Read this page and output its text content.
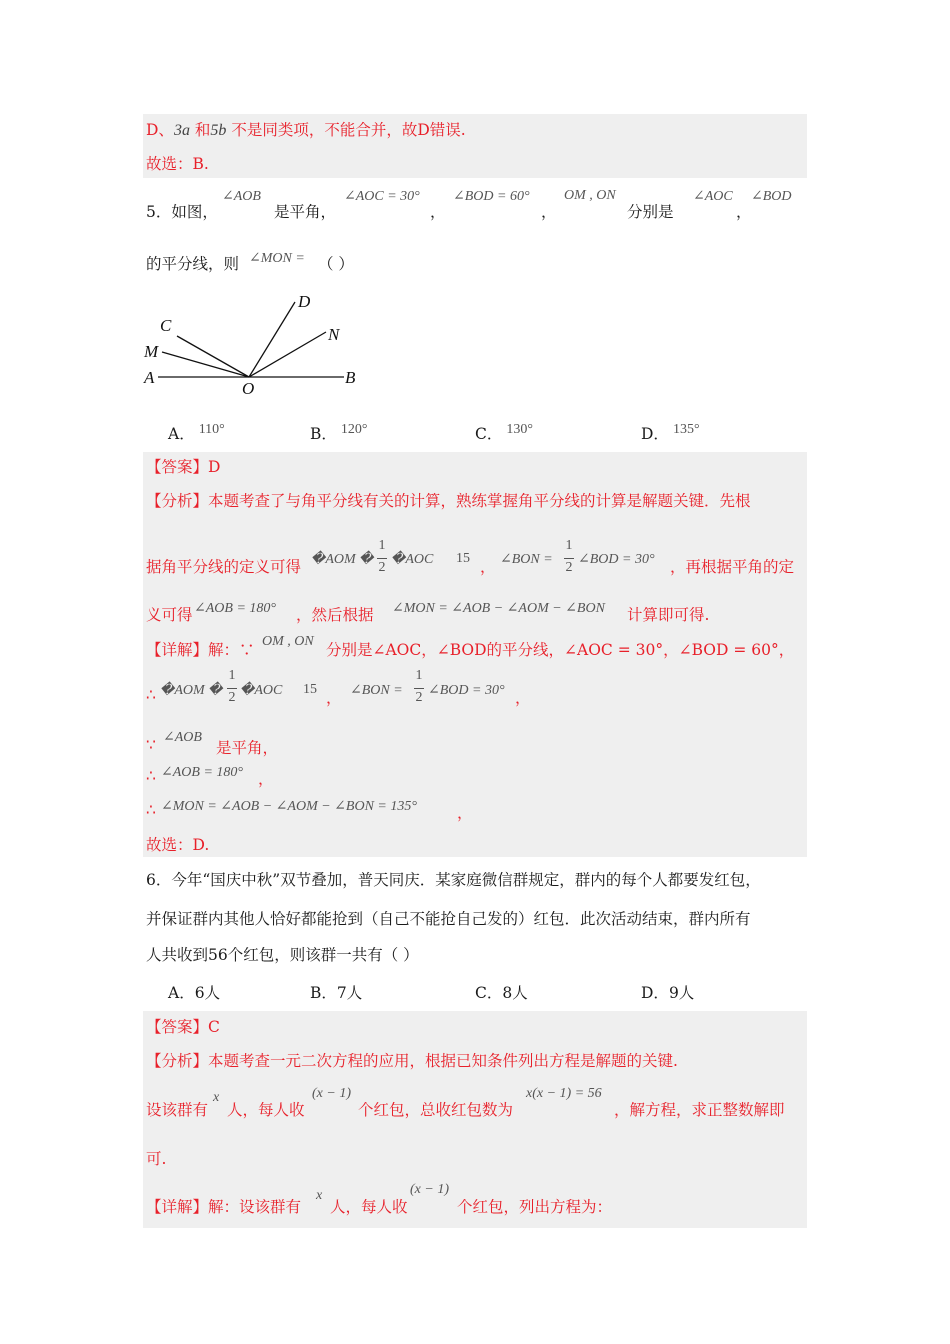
D、3a 和5b 不是同类项，不能合并，故D错误.
故选：B.
5．如图，
∠AOB
是平角，
∠AOC = 30°
，
∠BOD = 60°
，
OM , ON
分别是
∠AOC
，
∠BOD
的平分线，则 ∠MON = （ ）
A	B
C
D
M
N
O
A． 110°	B． 120°	C． 130°	D． 135°
【答案】D
【分析】本题考查了与角平分线有关的计算，熟练掌握角平分线的计算是解题关键．先根
据角平分线的定义可得 �AOM �
1
2
�AOC 15 ， ∠BON =
1
2
∠BOD = 30° ，再根据平角的定
义可得 ∠AOB = 180° ，然后根据 ∠MON = ∠AOB − ∠AOM − ∠BON 计算即可得.
【详解】解：∵ OM , ON 分别是∠AOC，∠BOD的平分线，∠AOC = 30°，∠BOD = 60°，
∴ �AOM �
1
2 �AOC 15 ， ∠BON =
1
2 ∠BOD = 30° ，
∵ ∠AOB
是平角，
∴ ∠AOB = 180° ，
∴ ∠MON = ∠AOB − ∠AOM − ∠BON = 135°	，
故选：D.
6．今年“国庆中秋”双节叠加，普天同庆．某家庭微信群规定，群内的每个人都要发红包，
并保证群内其他人恰好都能抢到（自己不能抢自己发的）红包．此次活动结束，群内所有
人共收到56个红包，则该群一共有（ ）
A．6人	B．7人	C．8人	D．9人
【答案】C
【分析】本题考查一元二次方程的应用，根据已知条件列出方程是解题的关键.
设该群有
x
人，每人收
(x − 1)
个红包，总收红包数为
x(x − 1) = 56
，解方程，求正整数解即
可.
【详解】解：设该群有
x
人，每人收
(x − 1)
个红包，列出方程为：
